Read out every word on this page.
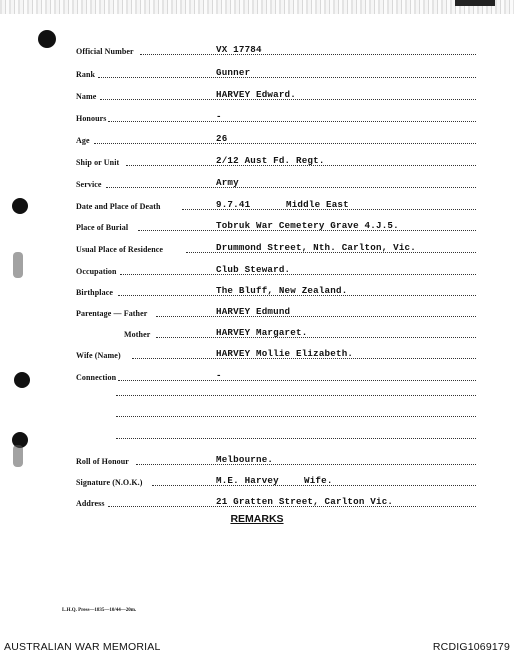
Official Number	VX 17784
Rank	Gunner
Name	HARVEY Edward.
Honours	-
Age	26
Ship or Unit	2/12 Aust Fd. Regt.
Service	Army
Date and Place of Death	9.7.41	Middle East
Place of Burial	Tobruk War Cemetery Grave 4.J.5.
Usual Place of Residence	Drummond Street, Nth. Carlton, Vic.
Occupation	Club Steward.
Birthplace	The Bluff, New Zealand.
Parentage — Father	HARVEY Edmund
Mother	HARVEY Margaret.
Wife (Name)	HARVEY Mollie Elizabeth.
Connection	-
Roll of Honour	Melbourne.
Signature (N.O.K.)	M.E. Harvey	Wife.
Address	21 Gratten Street, Carlton Vic.
REMARKS
L.H.Q. Press—1835—10/44—20m.
AUSTRALIAN WAR MEMORIAL	RCDIG1069179
